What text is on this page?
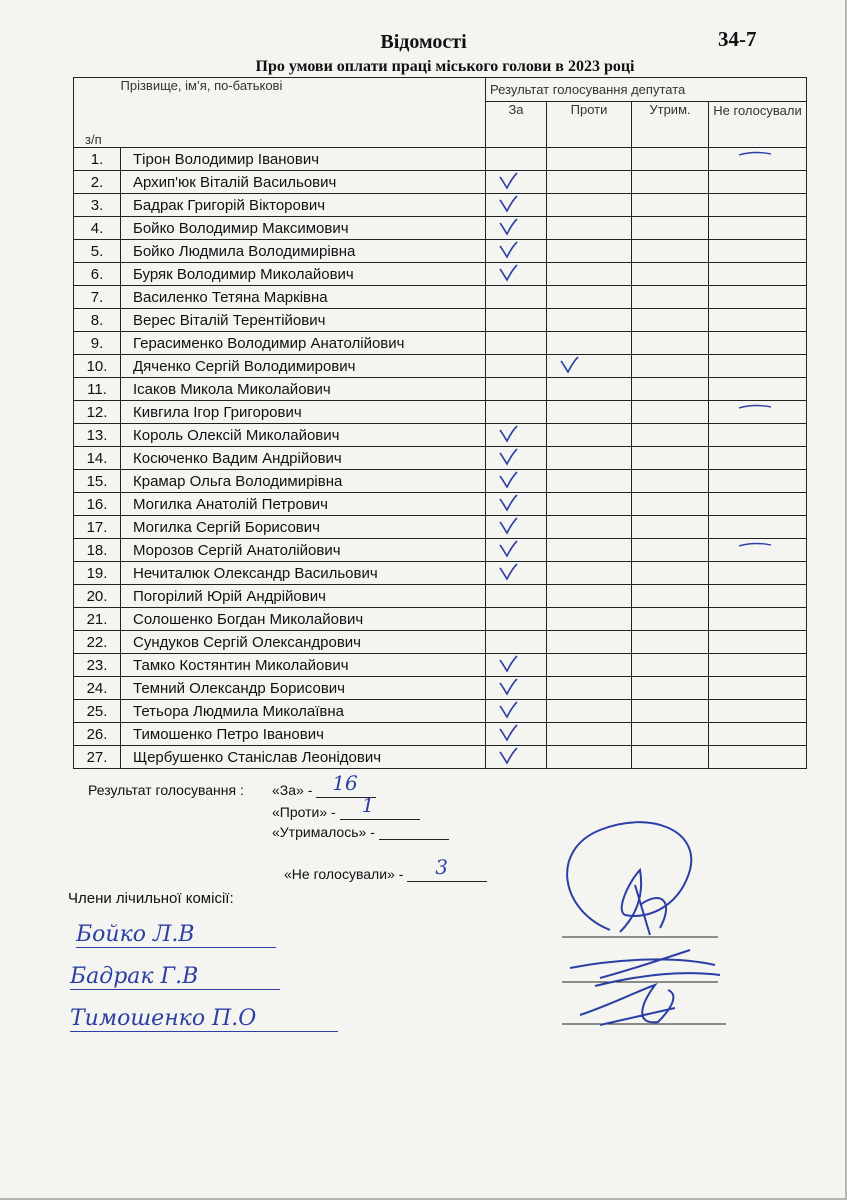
Відомості	34-7
Про умови оплати праці міського голови в 2023 році
з/п	Прізвище, ім’я, по-батькові	Результат голосування депутата			
		За	Проти	Утрим.	Не голосували
1.	Тірон Володимир Іванович				

2.	Архип'юк Віталій Васильович	

3.	Бадрак Григорій Вікторович	

4.	Бойко Володимир Максимович	

5.	Бойко Людмила Володимирівна	

6.	Буряк Володимир Миколайович	

7.	Василенко Тетяна Марківна				
8.	Верес Віталій Терентійович				
9.	Герасименко Володимир Анатолійович				
10.	Дяченко Сергій Володимирович		

11.	Ісаков Микола Миколайович				
12.	Кивгила Ігор Григорович				

13.	Король Олексій Миколайович	

14.	Косюченко Вадим Андрійович	

15.	Крамар Ольга Володимирівна	

16.	Могилка Анатолій Петрович	

17.	Могилка Сергій Борисович	

18.	Морозов Сергій Анатолійович	

19.	Нечиталюк Олександр Васильович	

20.	Погорілий Юрій Андрійович				
21.	Солошенко Богдан Миколайович				
22.	Сундуков Сергій Олександрович				
23.	Тамко Костянтин Миколайович	

24.	Темний Олександр Борисович	

25.	Тетьора Людмила Миколаївна	

26.	Тимошенко Петро Іванович	

27.	Щербушенко Станіслав Леонідович	

Результат голосування : «За» - 16
«Проти» - 1
«Утрималось» -
«Не голосували» - 3
Члени лічильної комісії:
Бойко Л.В
Бадрак Г.В
Тимошенко П.О
